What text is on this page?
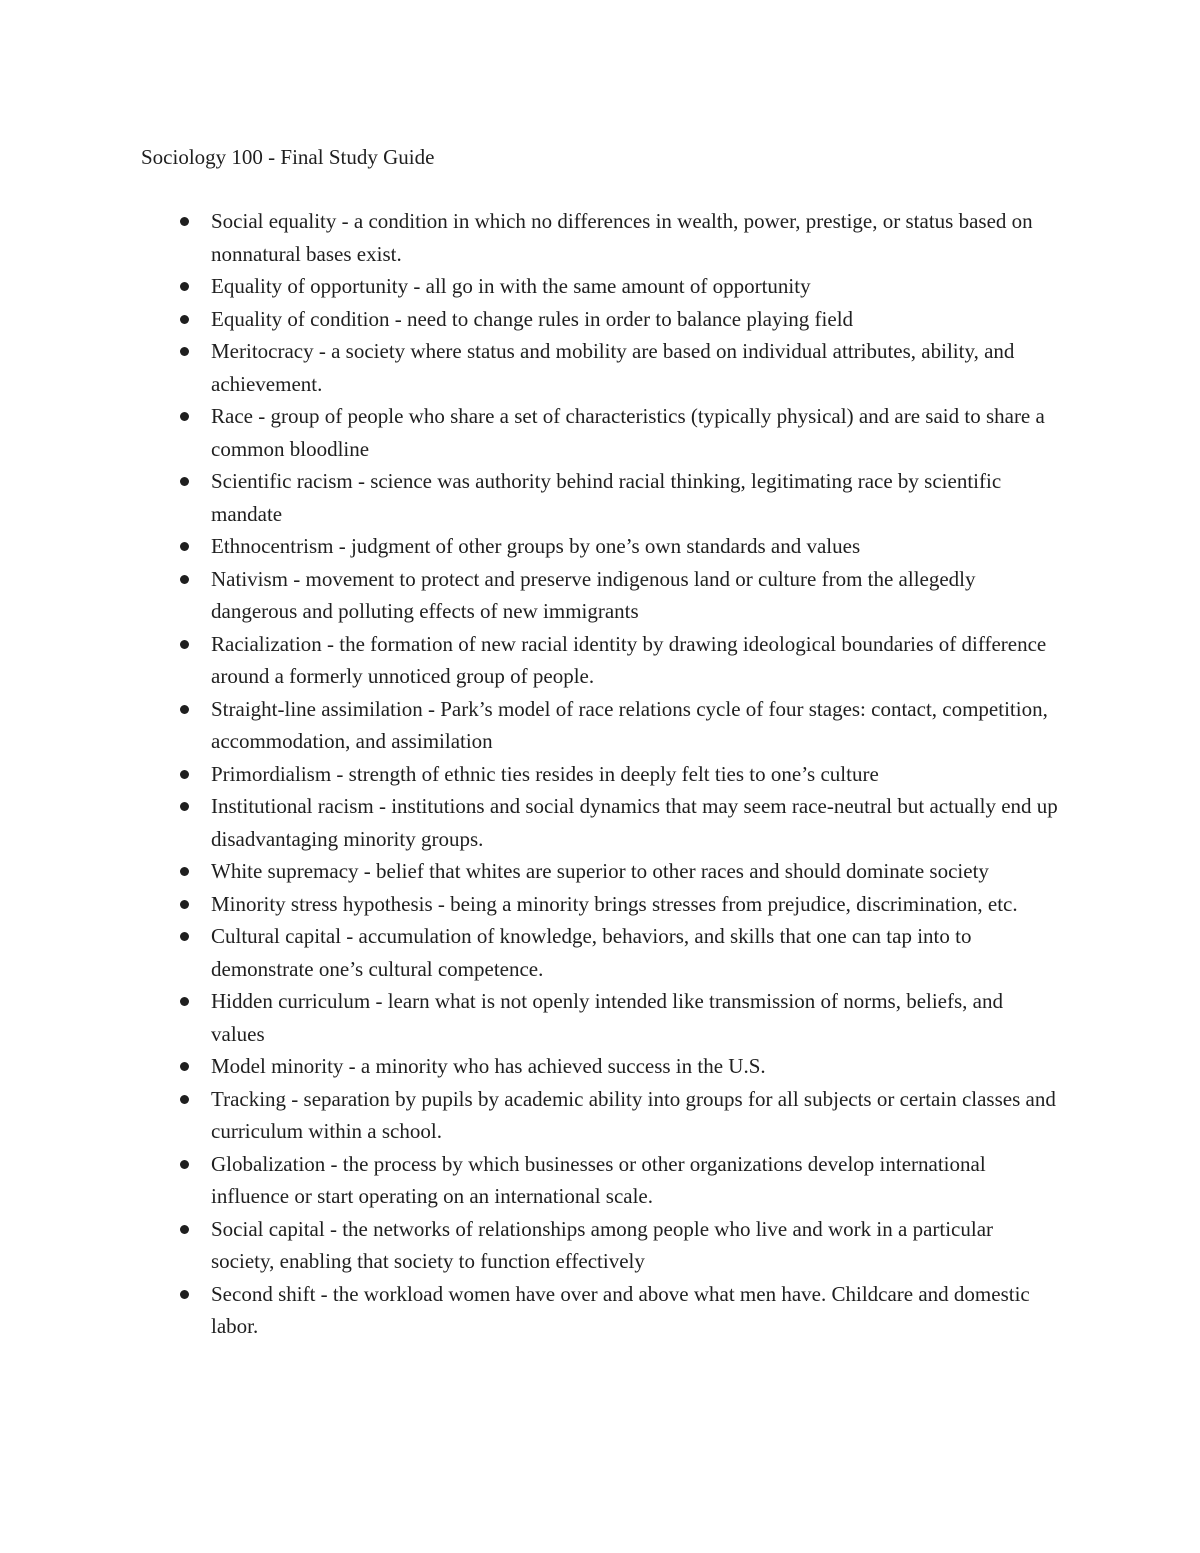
Sociology 100 - Final Study Guide
Social equality - a condition in which no differences in wealth, power, prestige, or status based on nonnatural bases exist.
Equality of opportunity - all go in with the same amount of opportunity
Equality of condition - need to change rules in order to balance playing field
Meritocracy - a society where status and mobility are based on individual attributes, ability, and achievement.
Race - group of people who share a set of characteristics (typically physical) and are said to share a common bloodline
Scientific racism - science was authority behind racial thinking, legitimating race by scientific mandate
Ethnocentrism - judgment of other groups by one’s own standards and values
Nativism - movement to protect and preserve indigenous land or culture from the allegedly dangerous and polluting effects of new immigrants
Racialization - the formation of new racial identity by drawing ideological boundaries of difference around a formerly unnoticed group of people.
Straight-line assimilation - Park’s model of race relations cycle of four stages: contact, competition, accommodation, and assimilation
Primordialism - strength of ethnic ties resides in deeply felt ties to one’s culture
Institutional racism - institutions and social dynamics that may seem race-neutral but actually end up disadvantaging minority groups.
White supremacy - belief that whites are superior to other races and should dominate society
Minority stress hypothesis - being a minority brings stresses from prejudice, discrimination, etc.
Cultural capital - accumulation of knowledge, behaviors, and skills that one can tap into to demonstrate one’s cultural competence.
Hidden curriculum - learn what is not openly intended like transmission of norms, beliefs, and values
Model minority - a minority who has achieved success in the U.S.
Tracking - separation by pupils by academic ability into groups for all subjects or certain classes and curriculum within a school.
Globalization - the process by which businesses or other organizations develop international influence or start operating on an international scale.
Social capital - the networks of relationships among people who live and work in a particular society, enabling that society to function effectively
Second shift - the workload women have over and above what men have. Childcare and domestic labor.
